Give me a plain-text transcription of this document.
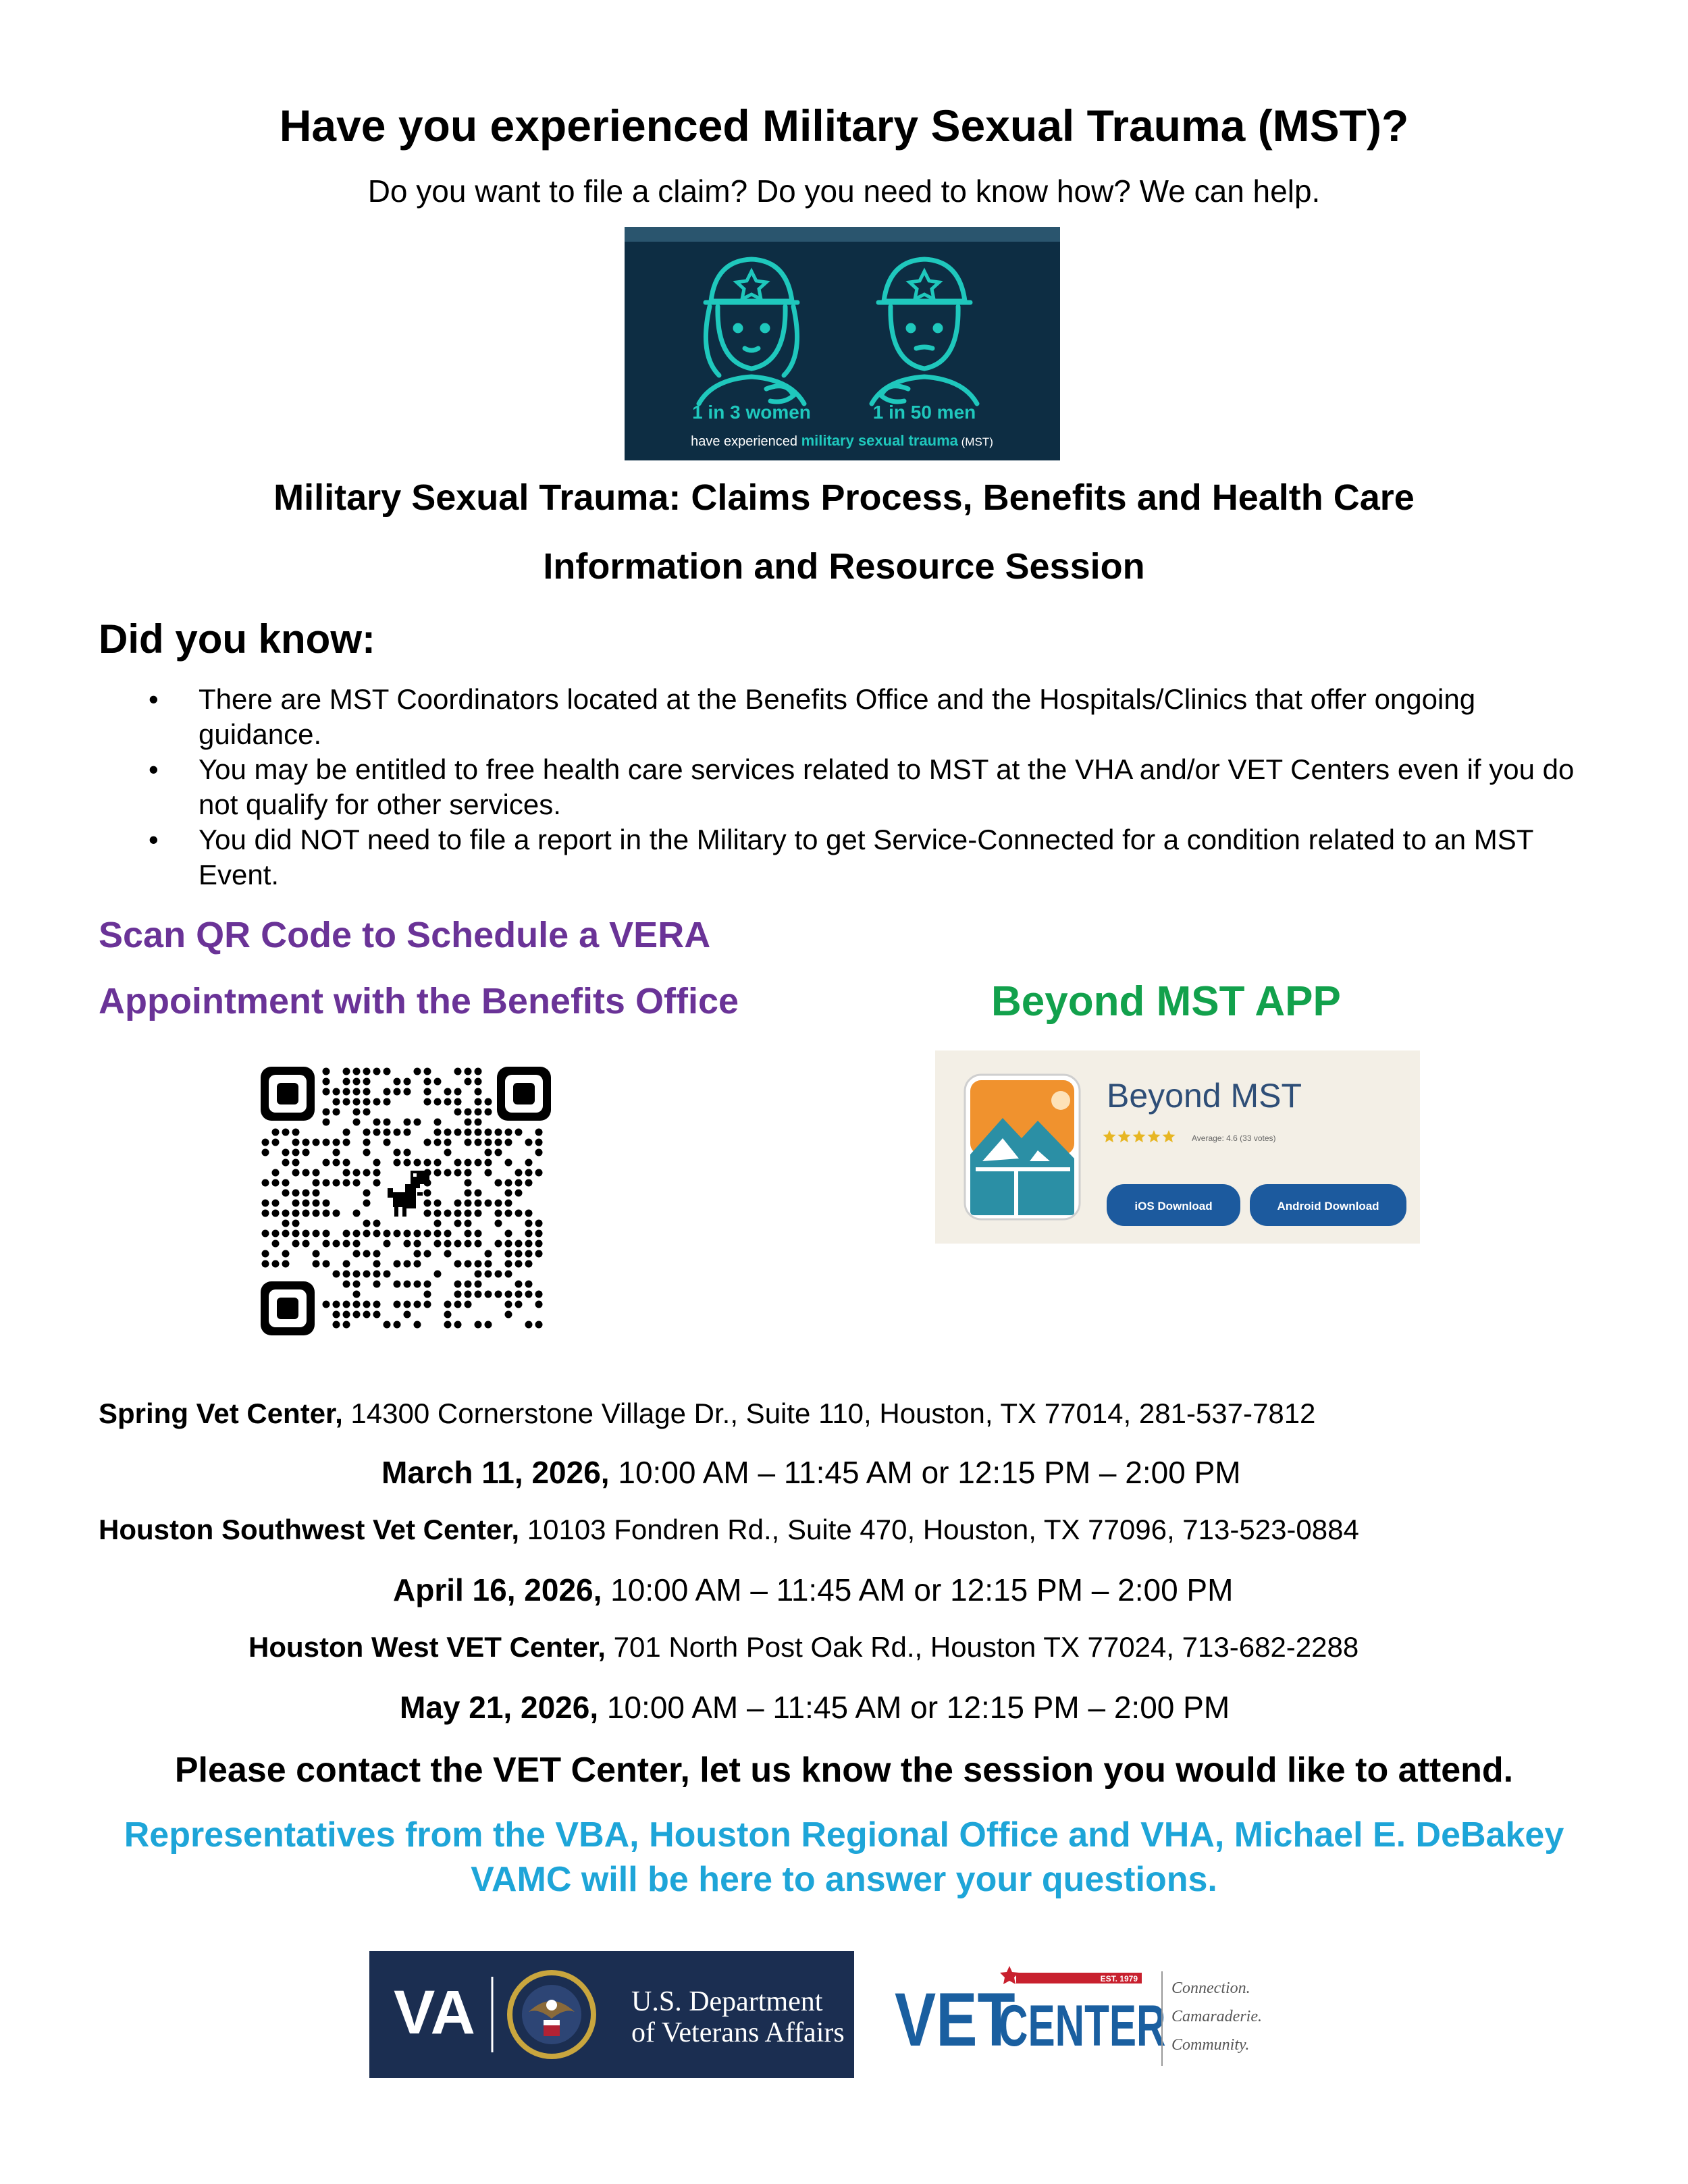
Have you experienced Military Sexual Trauma (MST)?
Do you want to file a claim? Do you need to know how? We can help.
1 in 3 women	1 in 50 men
have experienced military sexual trauma (MST)
Military Sexual Trauma: Claims Process, Benefits and Health Care
Information and Resource Session
Did you know:
• There are MST Coordinators located at the Benefits Office and the Hospitals/Clinics that offer ongoing guidance.
• You may be entitled to free health care services related to MST at the VHA and/or VET Centers even if you do not qualify for other services.
• You did NOT need to file a report in the Military to get Service-Connected for a condition related to an MST Event.
Scan QR Code to Schedule a VERA
Appointment with the Benefits Office	Beyond MST APP
Beyond MST
Average: 4.6 (33 votes)
iOS Download	Android Download
Spring Vet Center, 14300 Cornerstone Village Dr., Suite 110, Houston, TX 77014, 281-537-7812
March 11, 2026, 10:00 AM – 11:45 AM or 12:15 PM – 2:00 PM
Houston Southwest Vet Center, 10103 Fondren Rd., Suite 470, Houston, TX 77096, 713-523-0884
April 16, 2026, 10:00 AM – 11:45 AM or 12:15 PM – 2:00 PM
Houston West VET Center, 701 North Post Oak Rd., Houston TX 77024, 713-682-2288
May 21, 2026, 10:00 AM – 11:45 AM or 12:15 PM – 2:00 PM
Please contact the VET Center, let us know the session you would like to attend.
Representatives from the VBA, Houston Regional Office and VHA, Michael E. DeBakey
VAMC will be here to answer your questions.
VA	U.S. Department
of Veterans Affairs
EST. 1979
VET
CENTER
Connection.
Camaraderie.
Community.
